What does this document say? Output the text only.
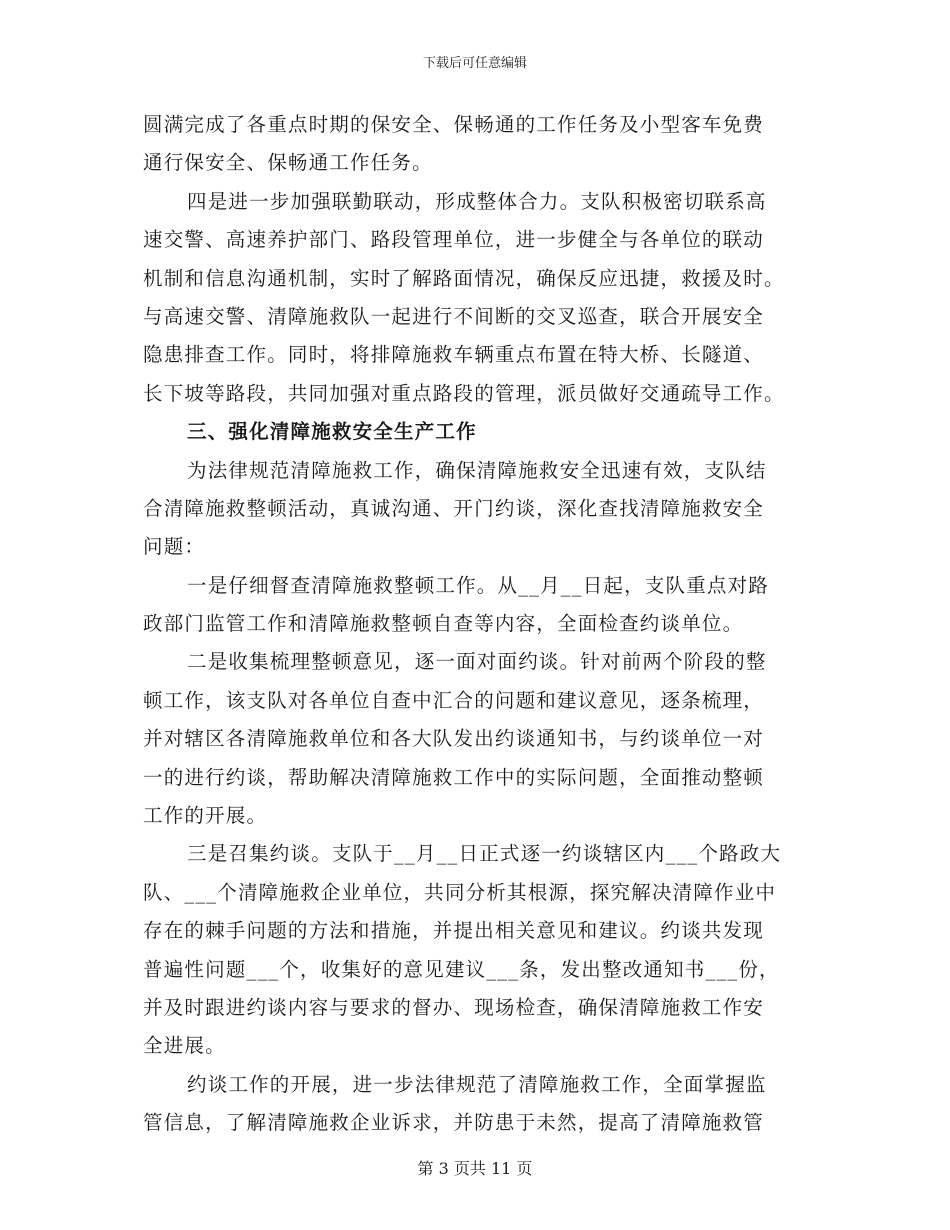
下载后可任意编辑
圆满完成了各重点时期的保安全、保畅通的工作任务及小型客车免费
通行保安全、保畅通工作任务。
四是进一步加强联勤联动，形成整体合力。支队积极密切联系高
速交警、高速养护部门、路段管理单位，进一步健全与各单位的联动
机制和信息沟通机制，实时了解路面情况，确保反应迅捷，救援及时。
与高速交警、清障施救队一起进行不间断的交叉巡查，联合开展安全
隐患排查工作。同时，将排障施救车辆重点布置在特大桥、长隧道、
长下坡等路段，共同加强对重点路段的管理，派员做好交通疏导工作。
三、强化清障施救安全生产工作
为法律规范清障施救工作，确保清障施救安全迅速有效，支队结
合清障施救整顿活动，真诚沟通、开门约谈，深化查找清障施救安全
问题：
一是仔细督查清障施救整顿工作。从__月__日起，支队重点对路
政部门监管工作和清障施救整顿自查等内容，全面检查约谈单位。
二是收集梳理整顿意见，逐一面对面约谈。针对前两个阶段的整
顿工作，该支队对各单位自查中汇合的问题和建议意见，逐条梳理，
并对辖区各清障施救单位和各大队发出约谈通知书，与约谈单位一对
一的进行约谈，帮助解决清障施救工作中的实际问题，全面推动整顿
工作的开展。
三是召集约谈。支队于__月__日正式逐一约谈辖区内___个路政大
队、___个清障施救企业单位，共同分析其根源，探究解决清障作业中
存在的棘手问题的方法和措施，并提出相关意见和建议。约谈共发现
普遍性问题___个，收集好的意见建议___条，发出整改通知书___份，
并及时跟进约谈内容与要求的督办、现场检查，确保清障施救工作安
全进展。
约谈工作的开展，进一步法律规范了清障施救工作，全面掌握监
管信息，了解清障施救企业诉求，并防患于未然，提高了清障施救管
第 3 页共 11 页
